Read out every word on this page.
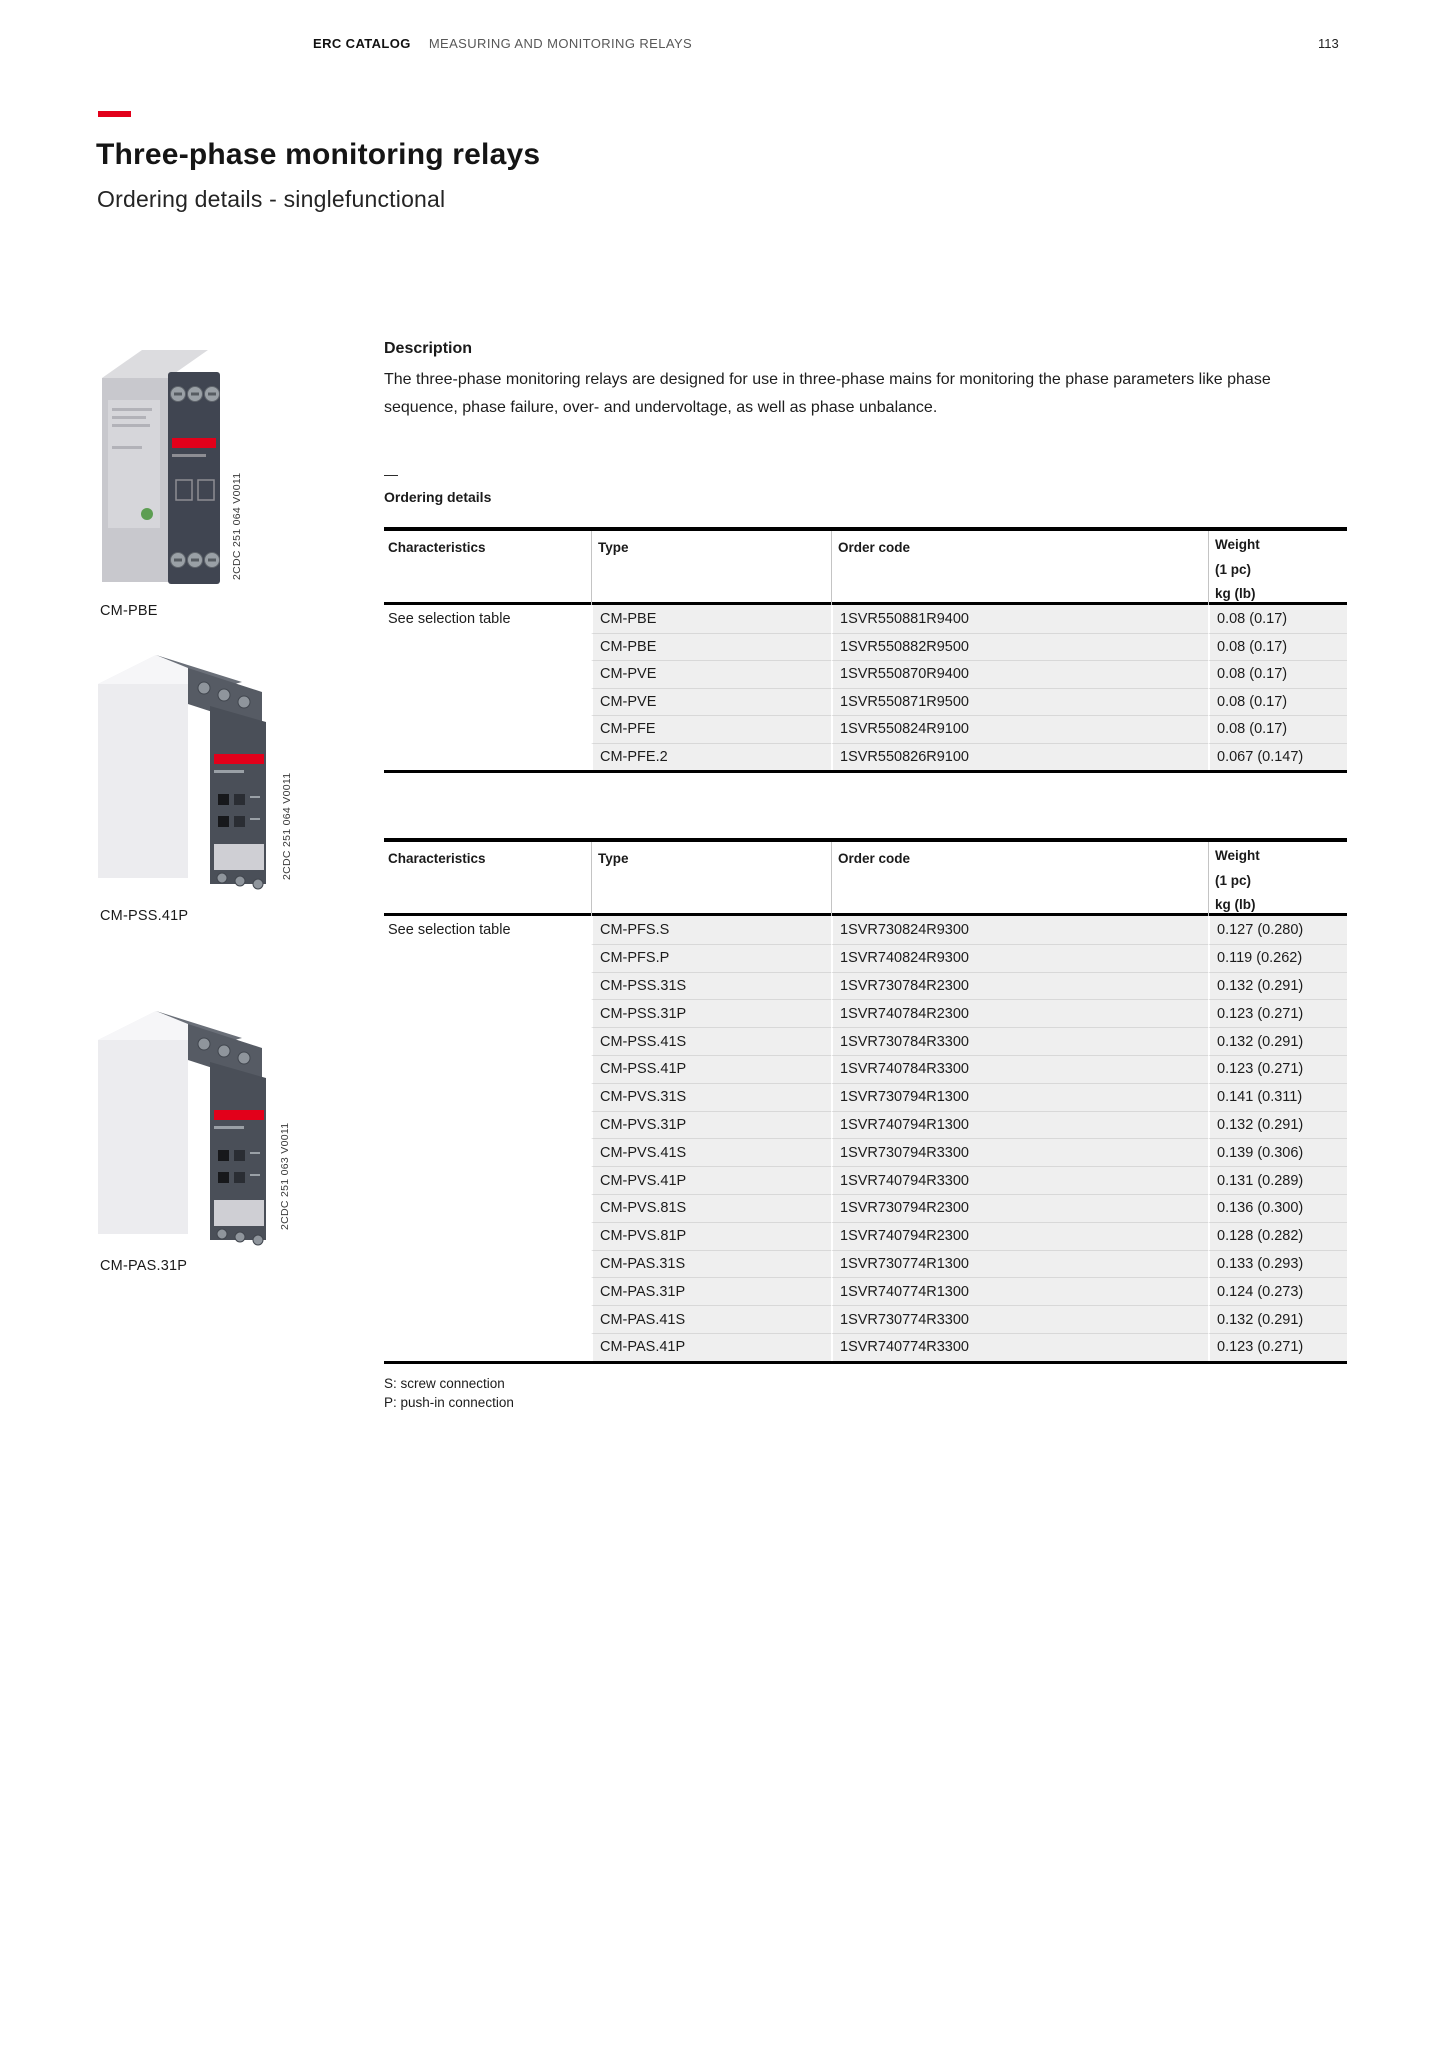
ERC CATALOG MEASURING AND MONITORING RELAYS	113
Three-phase monitoring relays
Ordering details - singlefunctional
2CDC 251 064 V0011
CM-PBE
2CDC 251 064 V0011
CM-PSS.41P
2CDC 251 063 V0011
CM-PAS.31P
Description
The three-phase monitoring relays are designed for use in three-phase mains for monitoring the phase parameters like phase sequence, phase failure, over- and undervoltage, as well as phase unbalance.
—
Ordering details
Characteristics	Type	Order code	Weight
(1 pc)
kg (lb)
See selection table	CM-PBE	1SVR550881R9400	0.08 (0.17)
CM-PBE	1SVR550882R9500	0.08 (0.17)
CM-PVE	1SVR550870R9400	0.08 (0.17)
CM-PVE	1SVR550871R9500	0.08 (0.17)
CM-PFE	1SVR550824R9100	0.08 (0.17)
CM-PFE.2	1SVR550826R9100	0.067 (0.147)
Characteristics	Type	Order code	Weight
(1 pc)
kg (lb)
See selection table	CM-PFS.S	1SVR730824R9300	0.127 (0.280)
CM-PFS.P	1SVR740824R9300	0.119 (0.262)
CM-PSS.31S	1SVR730784R2300	0.132 (0.291)
CM-PSS.31P	1SVR740784R2300	0.123 (0.271)
CM-PSS.41S	1SVR730784R3300	0.132 (0.291)
CM-PSS.41P	1SVR740784R3300	0.123 (0.271)
CM-PVS.31S	1SVR730794R1300	0.141 (0.311)
CM-PVS.31P	1SVR740794R1300	0.132 (0.291)
CM-PVS.41S	1SVR730794R3300	0.139 (0.306)
CM-PVS.41P	1SVR740794R3300	0.131 (0.289)
CM-PVS.81S	1SVR730794R2300	0.136 (0.300)
CM-PVS.81P	1SVR740794R2300	0.128 (0.282)
CM-PAS.31S	1SVR730774R1300	0.133 (0.293)
CM-PAS.31P	1SVR740774R1300	0.124 (0.273)
CM-PAS.41S	1SVR730774R3300	0.132 (0.291)
CM-PAS.41P	1SVR740774R3300	0.123 (0.271)
S: screw connection
P: push-in connection
